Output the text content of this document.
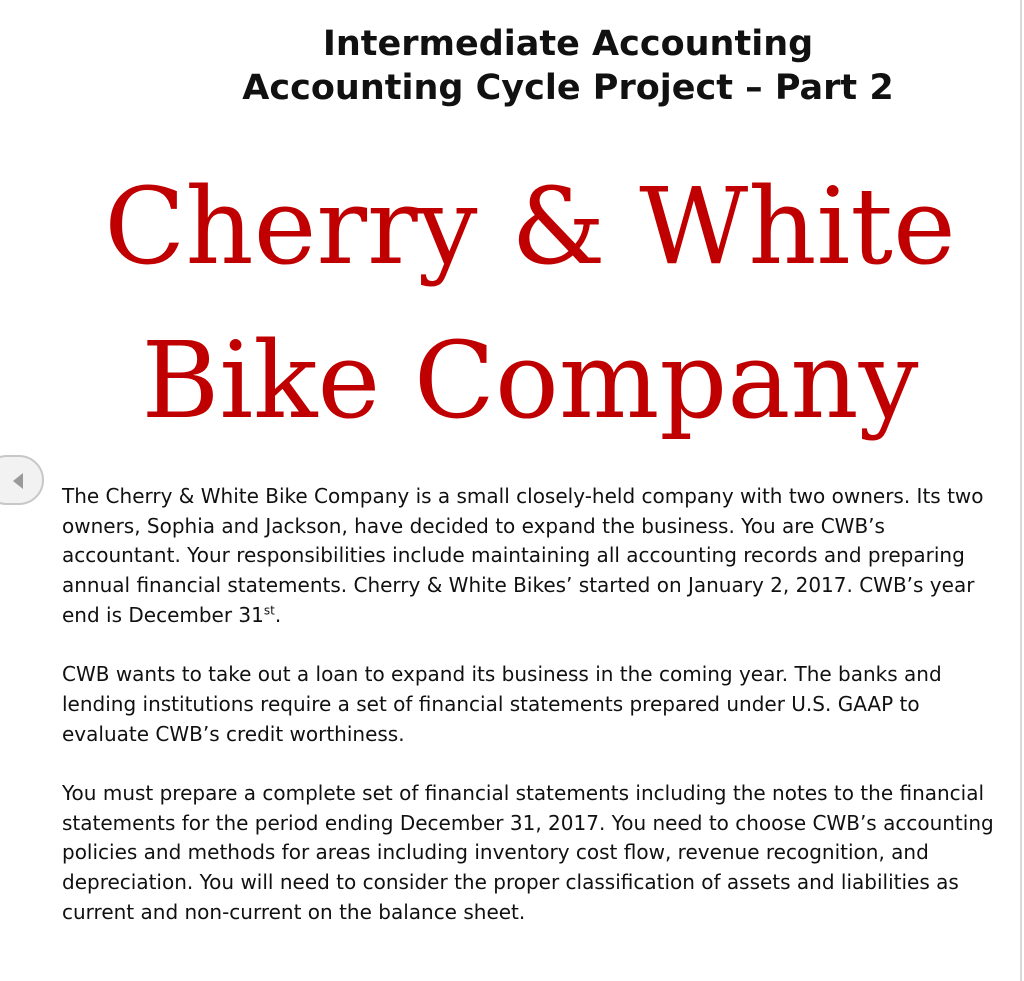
Intermediate Accounting
Accounting Cycle Project – Part 2
Cherry & White
Bike Company

The Cherry & White Bike Company is a small closely-held company with two owners. Its two owners, Sophia and Jackson, have decided to expand the business. You are CWB’s accountant. Your responsibilities include maintaining all accounting records and preparing annual financial statements. Cherry & White Bikes’ started on January 2, 2017. CWB’s year end is December 31st.

CWB wants to take out a loan to expand its business in the coming year. The banks and lending institutions require a set of financial statements prepared under U.S. GAAP to evaluate CWB’s credit worthiness.

You must prepare a complete set of financial statements including the notes to the financial statements for the period ending December 31, 2017. You need to choose CWB’s accounting policies and methods for areas including inventory cost flow, revenue recognition, and depreciation. You will need to consider the proper classification of assets and liabilities as current and non-current on the balance sheet.
